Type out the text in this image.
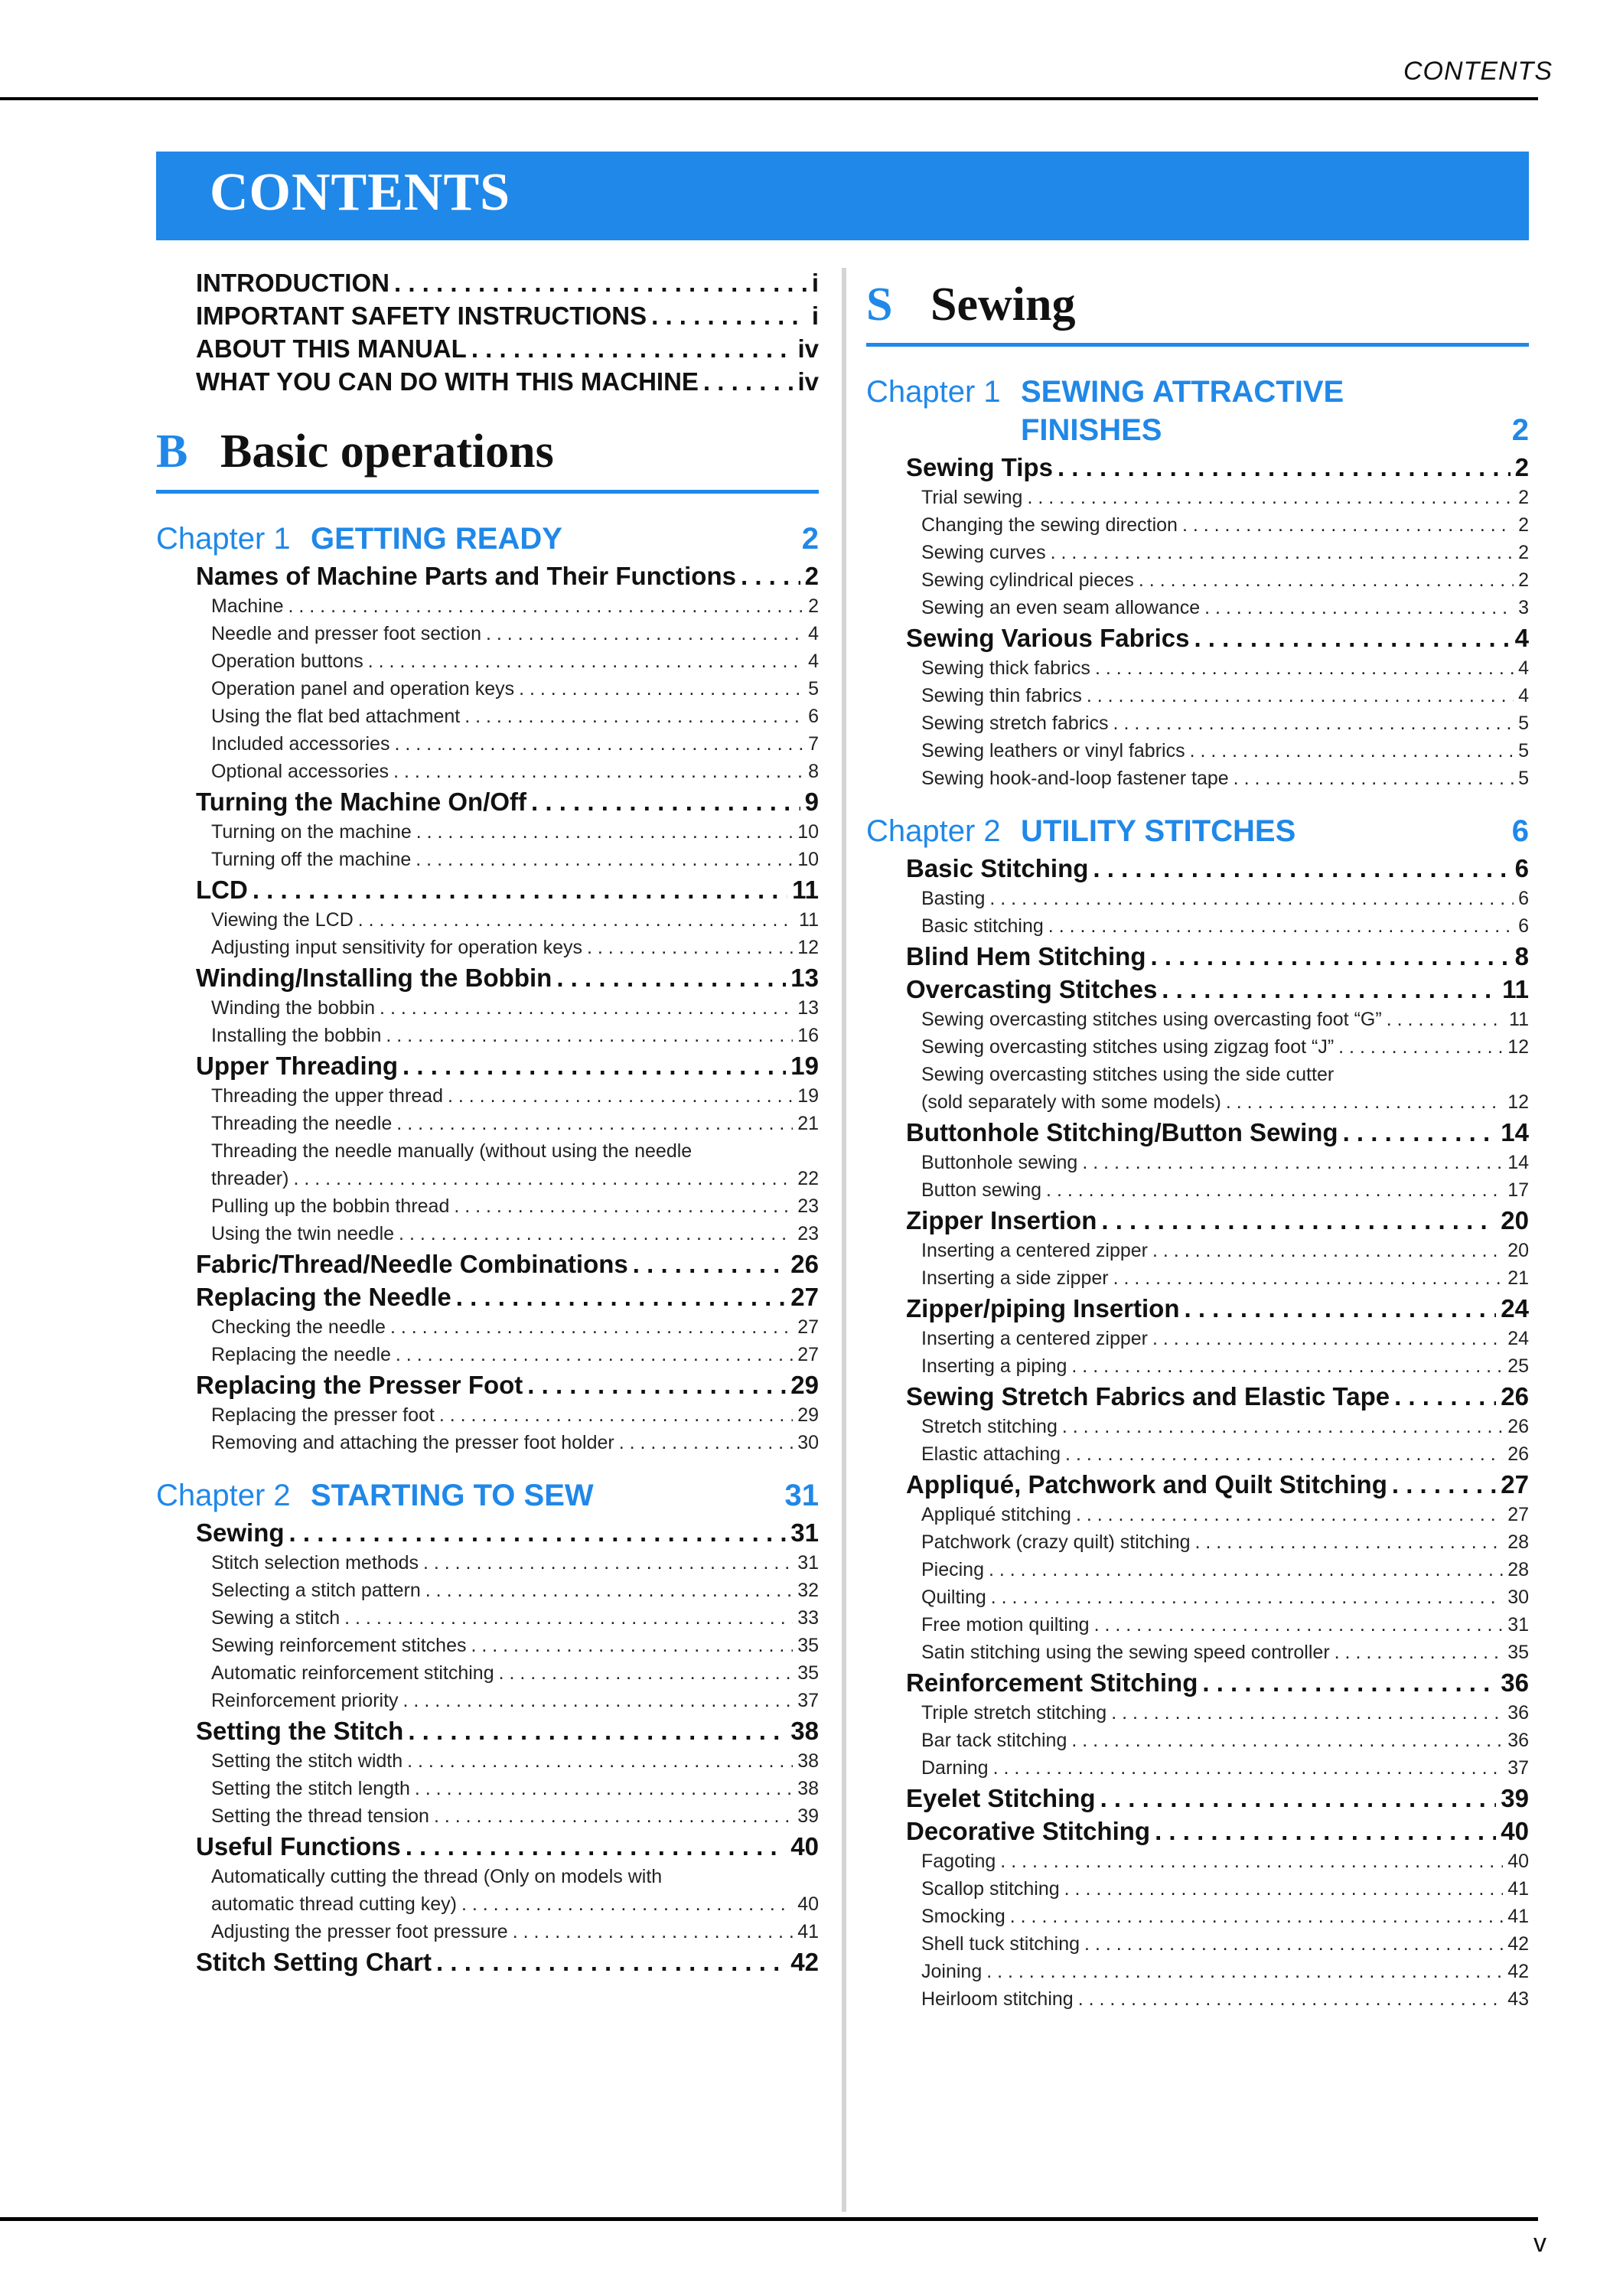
CONTENTS
CONTENTS
INTRODUCTION . . .	i
IMPORTANT SAFETY INSTRUCTIONS . . .	i
ABOUT THIS MANUAL . . .	iv
WHAT YOU CAN DO WITH THIS MACHINE . . .	iv
B Basic operations
Chapter 1 GETTING READY	2
Names of Machine Parts and Their Functions . . .	2
Machine . . .	2
Needle and presser foot section . . .	4
Operation buttons . . .	4
Operation panel and operation keys . . .	5
Using the flat bed attachment . . .	6
Included accessories . . .	7
Optional accessories . . .	8
Turning the Machine On/Off . . .	9
Turning on the machine . . .	10
Turning off the machine . . .	10
LCD . . .	11
Viewing the LCD . . .	11
Adjusting input sensitivity for operation keys . . .	12
Winding/Installing the Bobbin . . .	13
Winding the bobbin . . .	13
Installing the bobbin . . .	16
Upper Threading . . .	19
Threading the upper thread . . .	19
Threading the needle . . .	21
Threading the needle manually (without using the needle
threader) . . .	22
Pulling up the bobbin thread . . .	23
Using the twin needle . . .	23
Fabric/Thread/Needle Combinations . . .	26
Replacing the Needle . . .	27
Checking the needle . . .	27
Replacing the needle . . .	27
Replacing the Presser Foot . . .	29
Replacing the presser foot . . .	29
Removing and attaching the presser foot holder . . .	30
Chapter 2 STARTING TO SEW	31
Sewing . . .	31
Stitch selection methods . . .	31
Selecting a stitch pattern . . .	32
Sewing a stitch . . .	33
Sewing reinforcement stitches . . .	35
Automatic reinforcement stitching . . .	35
Reinforcement priority . . .	37
Setting the Stitch . . .	38
Setting the stitch width . . .	38
Setting the stitch length . . .	38
Setting the thread tension . . .	39
Useful Functions . . .	40
Automatically cutting the thread (Only on models with
automatic thread cutting key) . . .	40
Adjusting the presser foot pressure . . .	41
Stitch Setting Chart . . .	42
S Sewing
Chapter 1 SEWING ATTRACTIVE
FINISHES	2
Sewing Tips . . .	2
Trial sewing . . .	2
Changing the sewing direction . . .	2
Sewing curves . . .	2
Sewing cylindrical pieces . . .	2
Sewing an even seam allowance . . .	3
Sewing Various Fabrics . . .	4
Sewing thick fabrics . . .	4
Sewing thin fabrics . . .	4
Sewing stretch fabrics . . .	5
Sewing leathers or vinyl fabrics . . .	5
Sewing hook-and-loop fastener tape . . .	5
Chapter 2 UTILITY STITCHES	6
Basic Stitching . . .	6
Basting . . .	6
Basic stitching . . .	6
Blind Hem Stitching . . .	8
Overcasting Stitches . . .	11
Sewing overcasting stitches using overcasting foot “G” . . .	11
Sewing overcasting stitches using zigzag foot “J” . . .	12
Sewing overcasting stitches using the side cutter
(sold separately with some models) . . .	12
Buttonhole Stitching/Button Sewing . . .	14
Buttonhole sewing . . .	14
Button sewing . . .	17
Zipper Insertion . . .	20
Inserting a centered zipper . . .	20
Inserting a side zipper . . .	21
Zipper/piping Insertion . . .	24
Inserting a centered zipper . . .	24
Inserting a piping . . .	25
Sewing Stretch Fabrics and Elastic Tape . . .	26
Stretch stitching . . .	26
Elastic attaching . . .	26
Appliqué, Patchwork and Quilt Stitching . . .	27
Appliqué stitching . . .	27
Patchwork (crazy quilt) stitching . . .	28
Piecing . . .	28
Quilting . . .	30
Free motion quilting . . .	31
Satin stitching using the sewing speed controller . . .	35
Reinforcement Stitching . . .	36
Triple stretch stitching . . .	36
Bar tack stitching . . .	36
Darning . . .	37
Eyelet Stitching . . .	39
Decorative Stitching . . .	40
Fagoting . . .	40
Scallop stitching . . .	41
Smocking . . .	41
Shell tuck stitching . . .	42
Joining . . .	42
Heirloom stitching . . .	43
v
